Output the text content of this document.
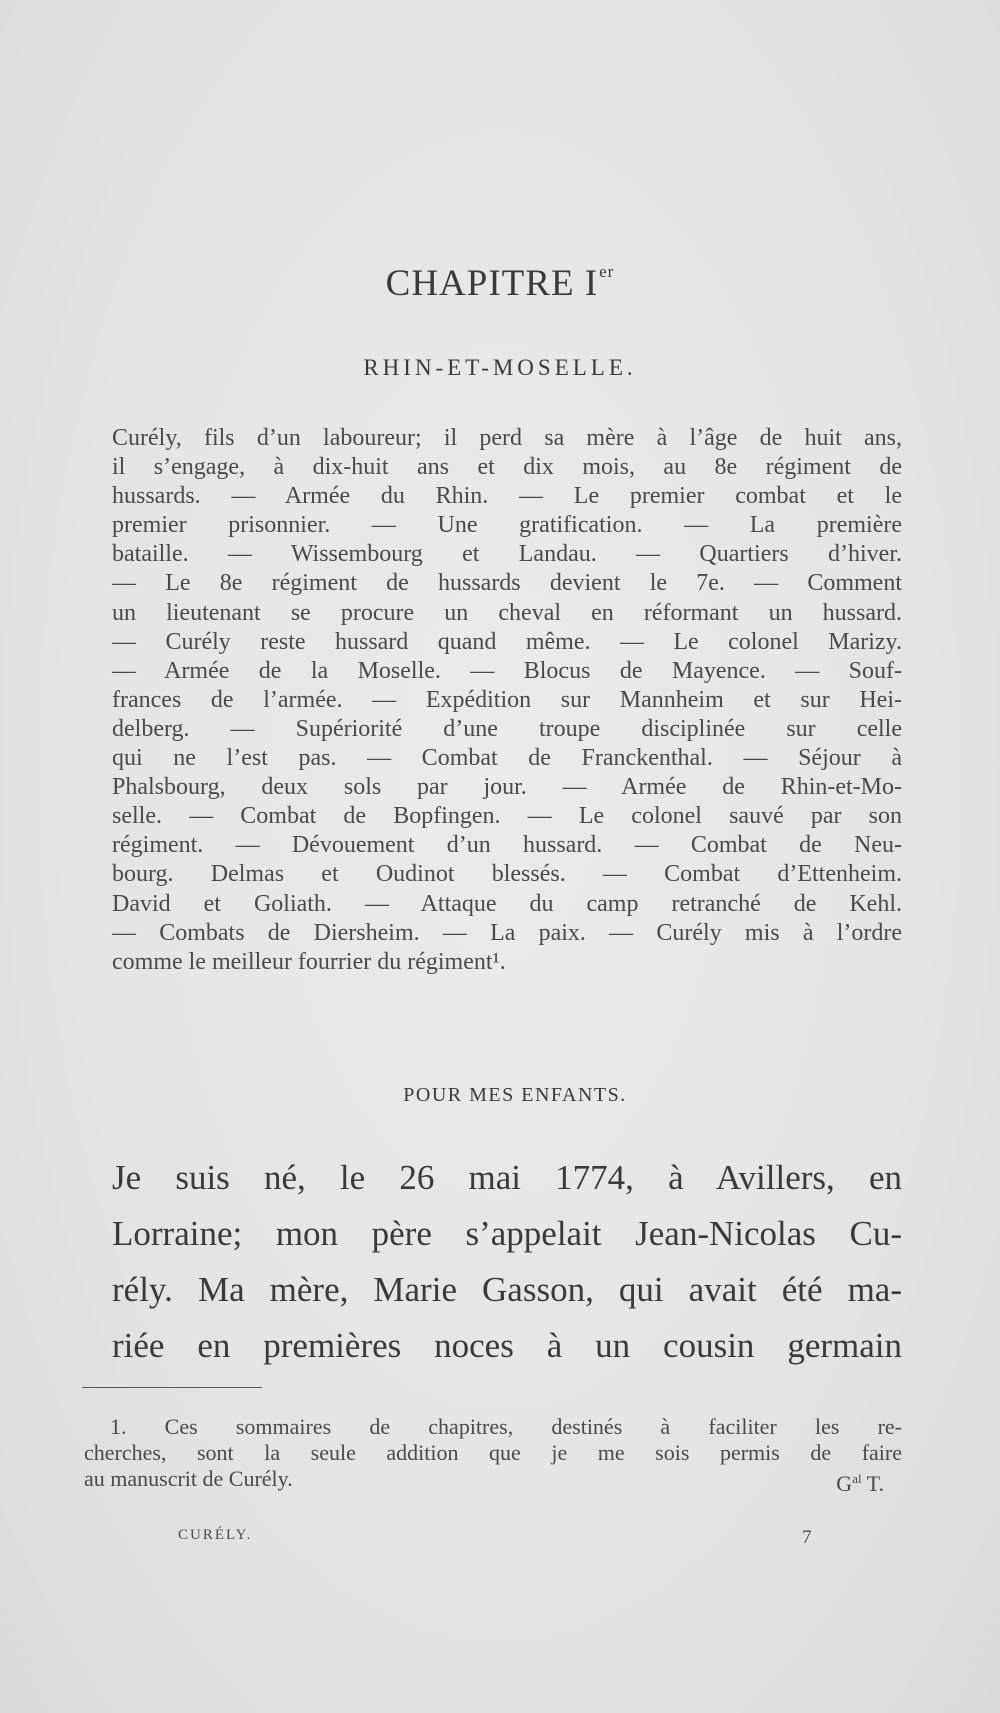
CHAPITRE Ier
RHIN-ET-MOSELLE.
Curély, fils d’un laboureur; il perd sa mère à l’âge de huit ans,
il s’engage, à dix-huit ans et dix mois, au 8e régiment de
hussards. — Armée du Rhin. — Le premier combat et le
premier prisonnier. — Une gratification. — La première
bataille. — Wissembourg et Landau. — Quartiers d’hiver.
— Le 8e régiment de hussards devient le 7e. — Comment
un lieutenant se procure un cheval en réformant un hussard.
— Curély reste hussard quand même. — Le colonel Marizy.
— Armée de la Moselle. — Blocus de Mayence. — Souf-
frances de l’armée. — Expédition sur Mannheim et sur Hei-
delberg. — Supériorité d’une troupe disciplinée sur celle
qui ne l’est pas. — Combat de Franckenthal. — Séjour à
Phalsbourg, deux sols par jour. — Armée de Rhin-et-Mo-
selle. — Combat de Bopfingen. — Le colonel sauvé par son
régiment. — Dévouement d’un hussard. — Combat de Neu-
bourg. Delmas et Oudinot blessés. — Combat d’Ettenheim.
David et Goliath. — Attaque du camp retranché de Kehl.
— Combats de Diersheim. — La paix. — Curély mis à l’ordre
comme le meilleur fourrier du régiment¹.
POUR MES ENFANTS.
Je suis né, le 26 mai 1774, à Avillers, en
Lorraine; mon père s’appelait Jean-Nicolas Cu-
rély. Ma mère, Marie Gasson, qui avait été ma-
riée en premières noces à un cousin germain
1. Ces sommaires de chapitres, destinés à faciliter les re-
cherches, sont la seule addition que je me sois permis de faire
au manuscrit de Curély.	$G^{al}$ T.
CURÉLY.	7
